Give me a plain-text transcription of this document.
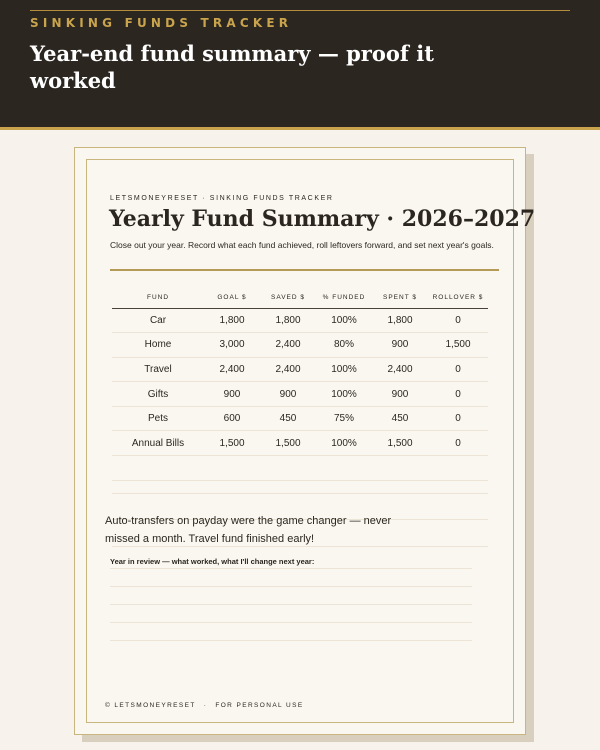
SINKING FUNDS TRACKER
Year-end fund summary — proof it worked
LETSMONEYRESET · SINKING FUNDS TRACKER
Yearly Fund Summary · 2026–2027
Close out your year. Record what each fund achieved, roll leftovers forward, and set next year's goals.
FUND	GOAL $	SAVED $	% FUNDED	SPENT $	ROLLOVER $
Car	1,800	1,800	100%	1,800	0
Home	3,000	2,400	80%	900	1,500
Travel	2,400	2,400	100%	2,400	0
Gifts	900	900	100%	900	0
Pets	600	450	75%	450	0
Annual Bills	1,500	1,500	100%	1,500	0

Auto-transfers on payday were the game changer — never missed a month. Travel fund finished early!
Year in review — what worked, what I'll change next year:
© LETSMONEYRESET · FOR PERSONAL USE
